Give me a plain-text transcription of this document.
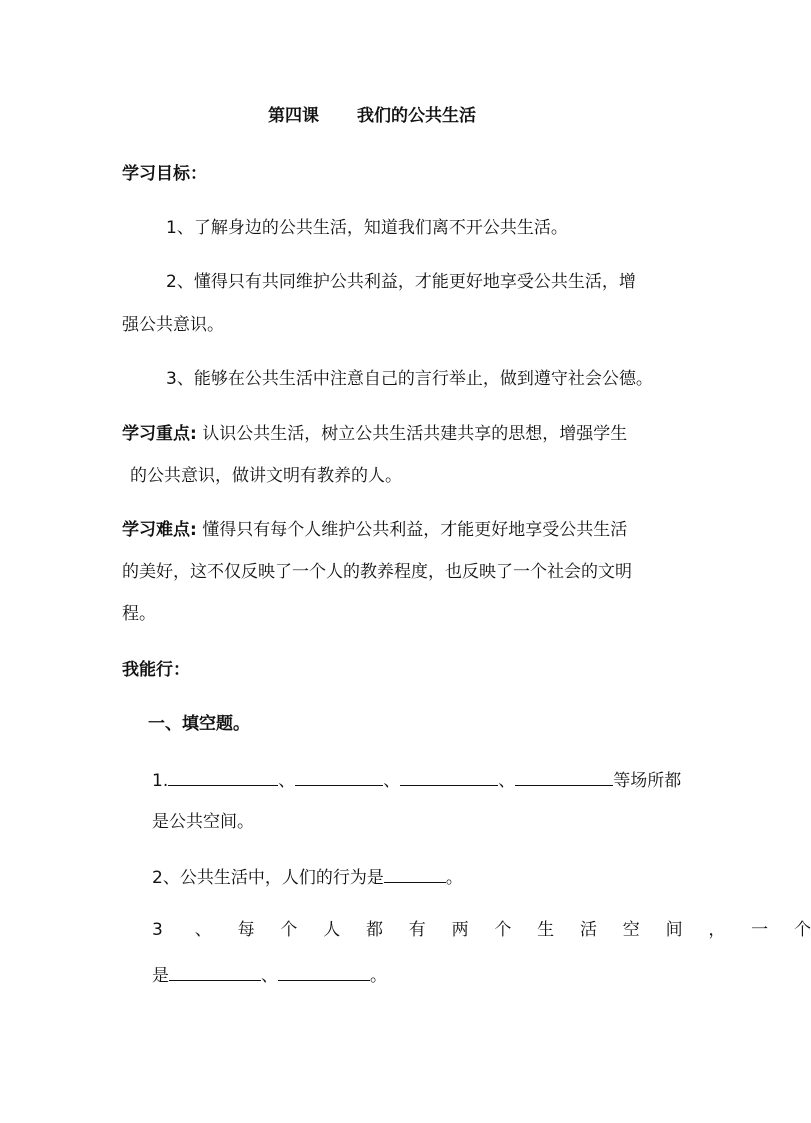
第四课 我们的公共生活
学习目标：
1、了解身边的公共生活，知道我们离不开公共生活。
2、懂得只有共同维护公共利益，才能更好地享受公共生活，增
强公共意识。
3、能够在公共生活中注意自己的言行举止，做到遵守社会公德。
学习重点: 认识公共生活，树立公共生活共建共享的思想，增强学生
的公共意识，做讲文明有教养的人。
学习难点: 懂得只有每个人维护公共利益，才能更好地享受公共生活
的美好，这不仅反映了一个人的教养程度，也反映了一个社会的文明
程。
我能行：
一、填空题。
1.	、	、	、	等场所都
是公共空间。
2、公共生活中，人们的行为是	。
3 、 每 个 人 都 有 两 个 生 活 空 间 ， 一 个
是	、	。
